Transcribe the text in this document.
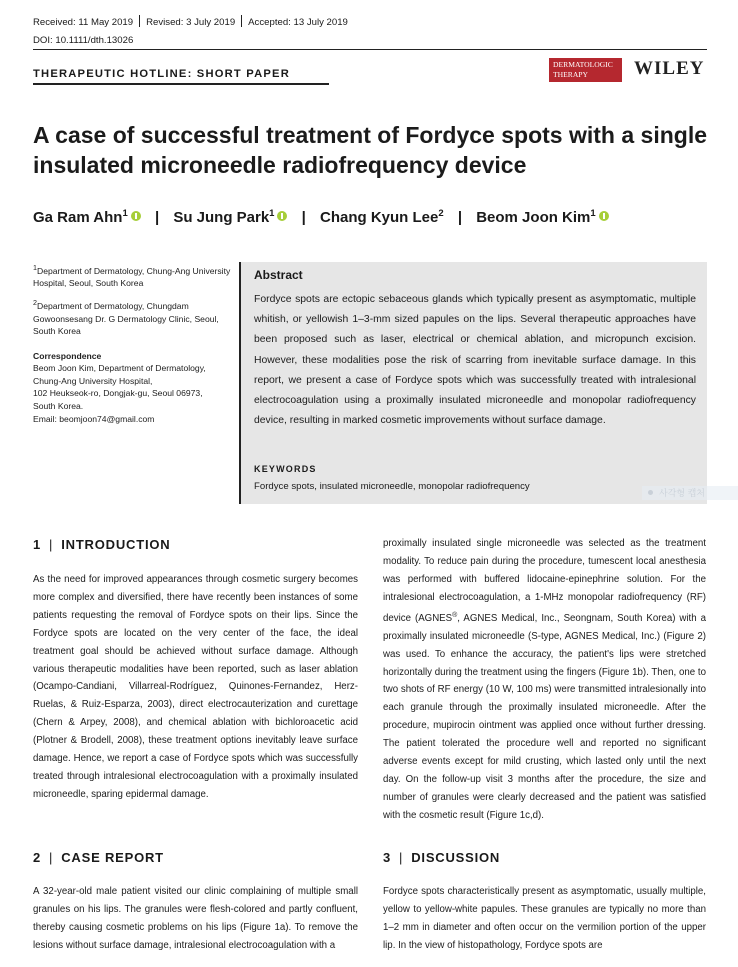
Received: 11 May 2019 Revised: 3 July 2019 Accepted: 13 July 2019
DOI: 10.1111/dth.13026
THERAPEUTIC HOTLINE: SHORT PAPER
DERMATOLOGIC
THERAPY	WILEY
A case of successful treatment of Fordyce spots with a single insulated microneedle radiofrequency device
Ga Ram Ahn$^1$ | Su Jung Park$^1$ | Chang Kyun Lee$^2$ | Beom Joon Kim$^1$

$^1$Department of Dermatology, Chung-Ang University Hospital, Seoul, South Korea

$^2$Department of Dermatology, Chungdam Gowoonsesang Dr. G Dermatology Clinic, Seoul, South Korea

Correspondence

Beom Joon Kim, Department of Dermatology,
Chung-Ang University Hospital,
102 Heukseok-ro, Dongjak-gu, Seoul 06973,
South Korea.
Email: beomjoon74@gmail.com
Abstract
Fordyce spots are ectopic sebaceous glands which typically present as asymptomatic, multiple whitish, or yellowish 1–3-mm sized papules on the lips. Several therapeutic approaches have been proposed such as laser, electrical or chemical ablation, and micropunch excision. However, these modalities pose the risk of scarring from inevitable surface damage. In this report, we present a case of Fordyce spots which was successfully treated with intralesional electrocoagulation using a proximally insulated microneedle and monopolar radiofrequency device, resulting in marked cosmetic improvements without surface damage.
KEYWORDS
Fordyce spots, insulated microneedle, monopolar radiofrequency
사각형 캡처
1 | INTRODUCTION

As the need for improved appearances through cosmetic surgery becomes more complex and diversified, there have recently been instances of some patients requesting the removal of Fordyce spots on their lips. Since the Fordyce spots are located on the very center of the face, the ideal treatment goal should be achieved without surface damage. Although various therapeutic modalities have been reported, such as laser ablation (Ocampo-Candiani, Villarreal-Rodríguez, Quinones-Fernandez, Herz-Ruelas, & Ruiz-Esparza, 2003), direct electrocauterization and curettage (Chern & Arpey, 2008), and chemical ablation with bichloroacetic acid (Plotner & Brodell, 2008), these treatment options inevitably leave surface damage. Hence, we report a case of Fordyce spots which was successfully treated through intralesional electrocoagulation with a proximally insulated microneedle, sparing epidermal damage.

2 | CASE REPORT

A 32-year-old male patient visited our clinic complaining of multiple small granules on his lips. The granules were flesh-colored and partly confluent, thereby causing cosmetic problems on his lips (Figure 1a). To remove the lesions without surface damage, intralesional electrocoagulation with a

proximally insulated single microneedle was selected as the treatment modality. To reduce pain during the procedure, tumescent local anesthesia was performed with buffered lidocaine-epinephrine solution. For the intralesional electrocoagulation, a 1-MHz monopolar radiofrequency (RF) device (AGNES®, AGNES Medical, Inc., Seongnam, South Korea) with a proximally insulated microneedle (S-type, AGNES Medical, Inc.) (Figure 2) was used. To enhance the accuracy, the patient's lips were stretched horizontally during the treatment using the fingers (Figure 1b). Then, one to two shots of RF energy (10 W, 100 ms) were transmitted intralesionally into each granule through the proximally insulated microneedle. After the procedure, mupirocin ointment was applied once without further dressing. The patient tolerated the procedure well and reported no significant adverse events except for mild crusting, which lasted only until the next day. On the follow-up visit 3 months after the procedure, the size and number of granules were clearly decreased and the patient was satisfied with the cosmetic result (Figure 1c,d).

3 | DISCUSSION

Fordyce spots characteristically present as asymptomatic, usually multiple, yellow to yellow-white papules. These granules are typically no more than 1–2 mm in diameter and often occur on the vermilion portion of the upper lip. In the view of histopathology, Fordyce spots are
